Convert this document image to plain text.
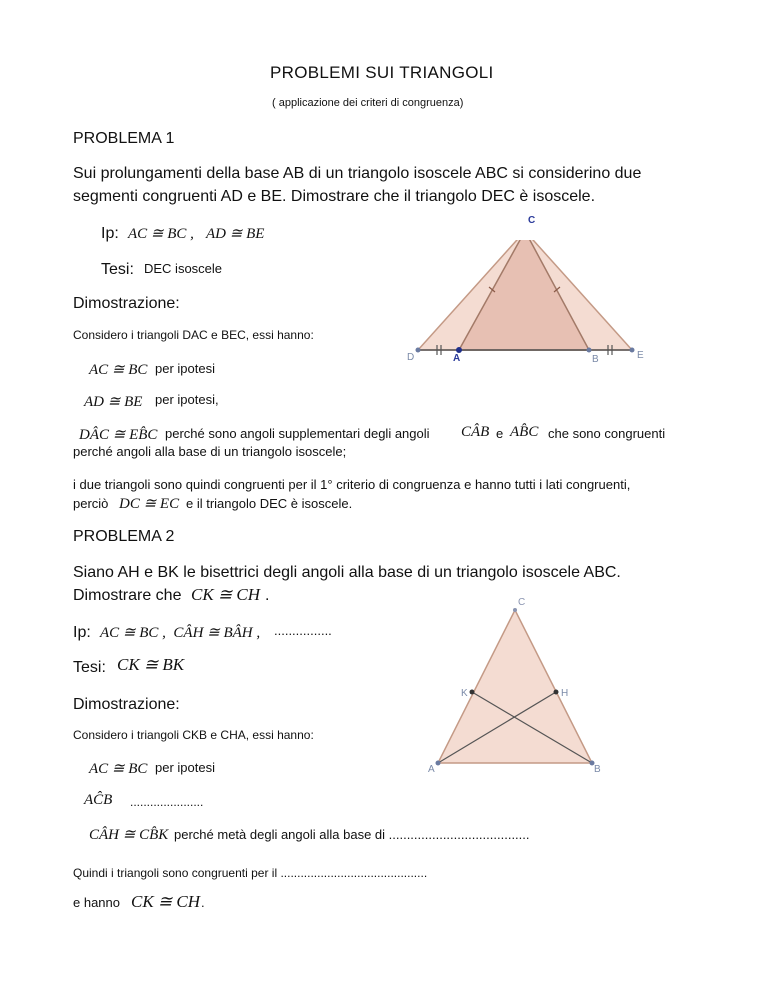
PROBLEMI SUI TRIANGOLI
( applicazione dei criteri di congruenza)
PROBLEMA 1
Sui prolungamenti della base AB di un triangolo isoscele ABC si considerino due
segmenti congruenti AD e BE. Dimostrare che il triangolo DEC è isoscele.
Ip: AC ≅ BC , AD ≅ BE
Tesi: DEC isoscele
Dimostrazione:
Considero i triangoli DAC e BEC, essi hanno:
AC ≅ BC per ipotesi
AD ≅ BE per ipotesi,
DÂC ≅ EB̂C perché sono angoli supplementari degli angoli CÂB e AB̂C che sono congruenti
perché angoli alla base di un triangolo isoscele;
i due triangoli sono quindi congruenti per il 1° criterio di congruenza e hanno tutti i lati congruenti,
perciò DC ≅ EC e il triangolo DEC è isoscele.
C
D	A	B	E
PROBLEMA 2
Siano AH e BK le bisettrici degli angoli alla base di un triangolo isoscele ABC.
Dimostrare che CK ≅ CH .
Ip: AC ≅ BC ,  CÂH ≅ BÂH , ................
Tesi: CK ≅ BK
Dimostrazione:
Considero i triangoli CKB e CHA, essi hanno:
AC ≅ BC per ipotesi
AĈB ......................
CÂH ≅ CB̂K perché metà degli angoli alla base di .......................................
Quindi i triangoli sono congruenti per il ............................................
e hanno CK ≅ CH .
C
K	H
A	B
